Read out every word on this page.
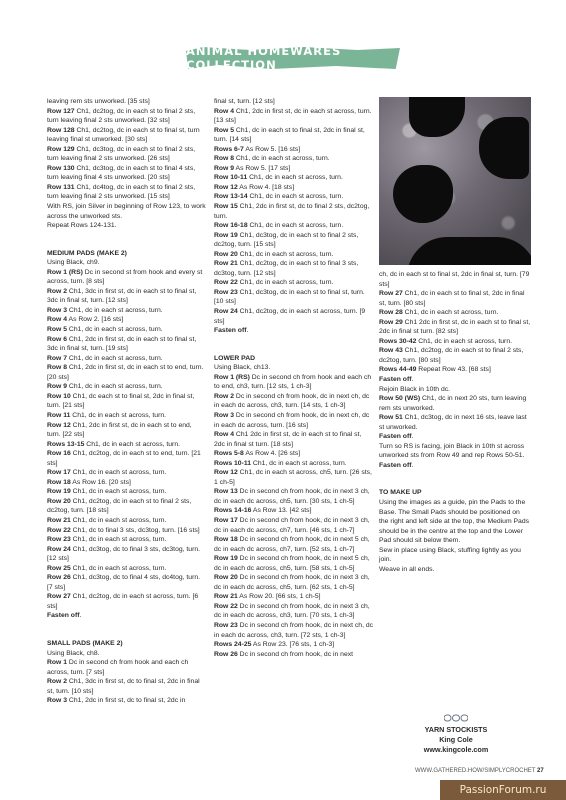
ANIMAL HOMEWARES COLLECTION

leaving rem sts unworked. [35 sts]

Row 127 Ch1, dc2tog, dc in each st to final 2 sts, turn leaving final 2 sts unworked. [32 sts]

Row 128 Ch1, dc2tog, dc in each st to final st, turn leaving final st unworked. [30 sts]

Row 129 Ch1, dc3tog, dc in each st to final 2 sts, turn leaving final 2 sts unworked. [26 sts]

Row 130 Ch1, dc3tog, dc in each st to final 4 sts, turn leaving final 4 sts unworked. [20 sts]

Row 131 Ch1, dc4tog, dc in each st to final 2 sts, turn leaving final 2 sts unworked. [15 sts]

With RS, join Silver in beginning of Row 123, to work across the unworked sts.

Repeat Rows 124-131.

MEDIUM PADS (MAKE 2)

Using Black, ch9.

Row 1 (RS) Dc in second st from hook and every st across, turn. [8 sts]

Row 2 Ch1, 3dc in first st, dc in each st to final st, 3dc in final st, turn. [12 sts]

Row 3 Ch1, dc in each st across, turn.

Row 4 As Row 2. [16 sts]

Row 5 Ch1, dc in each st across, turn.

Row 6 Ch1, 2dc in first st, dc in each st to final st, 3dc in final st, turn. [19 sts]

Row 7 Ch1, dc in each st across, turn.

Row 8 Ch1, 2dc in first st, dc in each st to end, turn. [20 sts]

Row 9 Ch1, dc in each st across, turn.

Row 10 Ch1, dc each st to final st, 2dc in final st, turn. [21 sts]

Row 11 Ch1, dc in each st across, turn.

Row 12 Ch1, 2dc in first st, dc in each st to end, turn. [22 sts]

Rows 13-15 Ch1, dc in each st across, turn.

Row 16 Ch1, dc2tog, dc in each st to end, turn. [21 sts]

Row 17 Ch1, dc in each st across, turn.

Row 18 As Row 16. [20 sts]

Row 19 Ch1, dc in each st across, turn.

Row 20 Ch1, dc2tog, dc in each st to final 2 sts, dc2tog, turn. [18 sts]

Row 21 Ch1, dc in each st across, turn.

Row 22 Ch1, dc to final 3 sts, dc3tog, turn. [16 sts]

Row 23 Ch1, dc in each st across, turn.

Row 24 Ch1, dc3tog, dc to final 3 sts, dc3tog, turn. [12 sts]

Row 25 Ch1, dc in each st across, turn.

Row 26 Ch1, dc3tog, dc to final 4 sts, dc4tog, turn. [7 sts]

Row 27 Ch1, dc2tog, dc in each st across, turn. [6 sts]

Fasten off.

SMALL PADS (MAKE 2)

Using Black, ch8.

Row 1 Dc in second ch from hook and each ch across, turn. [7 sts]

Row 2 Ch1, 3dc in first st, dc to final st, 2dc in final st, turn. [10 sts]

Row 3 Ch1, 2dc in first st, dc to final st, 2dc in

final st, turn. [12 sts]

Row 4 Ch1, 2dc in first st, dc in each st across, turn. [13 sts]

Row 5 Ch1, dc in each st to final st, 2dc in final st, turn. [14 sts]

Rows 6-7 As Row 5. [16 sts]

Row 8 Ch1, dc in each st across, turn.

Row 9 As Row 5. [17 sts]

Row 10-11 Ch1, dc in each st across, turn.

Row 12 As Row 4. [18 sts]

Row 13-14 Ch1, dc in each st across, turn.

Row 15 Ch1, 2dc in first st, dc to final 2 sts, dc2tog, turn.

Row 16-18 Ch1, dc in each st across, turn.

Row 19 Ch1, dc3tog, dc in each st to final 2 sts, dc2tog, turn. [15 sts]

Row 20 Ch1, dc in each st across, turn.

Row 21 Ch1, dc2tog, dc in each st to final 3 sts, dc3tog, turn. [12 sts]

Row 22 Ch1, dc in each st across, turn.

Row 23 Ch1, dc3tog, dc in each st to final st, turn. [10 sts]

Row 24 Ch1, dc2tog, dc in each st across, turn. [9 sts]

Fasten off.

LOWER PAD

Using Black, ch13.

Row 1 (RS) Dc in second ch from hook and each ch to end, ch3, turn. [12 sts, 1 ch-3]

Row 2 Dc in second ch from hook, dc in next ch, dc in each dc across, ch3, turn. [14 sts, 1 ch-3]

Row 3 Dc in second ch from hook, dc in next ch, dc in each dc across, turn. [16 sts]

Row 4 Ch1 2dc in first st, dc in each st to final st, 2dc in final st turn. [18 sts]

Rows 5-8 As Row 4. [26 sts]

Rows 10-11 Ch1, dc in each st across, turn.

Row 12 Ch1, dc in each st across, ch5, turn. [26 sts, 1 ch-5]

Row 13 Dc in second ch from hook, dc in next 3 ch, dc in each dc across, ch5, turn. [30 sts, 1 ch-5]

Rows 14-16 As Row 13. [42 sts]

Row 17 Dc in second ch from hook, dc in next 3 ch, dc in each dc across, ch7, turn. [46 sts, 1 ch-7]

Row 18 Dc in second ch from hook, dc in next 5 ch, dc in each dc across, ch7, turn. [52 sts, 1 ch-7]

Row 19 Dc in second ch from hook, dc in next 5 ch, dc in each dc across, ch5, turn. [58 sts, 1 ch-5]

Row 20 Dc in second ch from hook, dc in next 3 ch, dc in each dc across, ch5, turn. [62 sts, 1 ch-5]

Row 21 As Row 20. [66 sts, 1 ch-5]

Row 22 Dc in second ch from hook, dc in next 3 ch, dc in each dc across, ch3, turn. [70 sts, 1 ch-3]

Row 23 Dc in second ch from hook, dc in next ch, dc in each dc across, ch3, turn. [72 sts, 1 ch-3]

Rows 24-25 As Row 23. [76 sts, 1 ch-3]

Row 26 Dc in second ch from hook, dc in next

ch, dc in each st to final st, 2dc in final st, turn. [79 sts]

Row 27 Ch1, dc in each st to final st, 2dc in final st, turn. [80 sts]

Row 28 Ch1, dc in each st across, turn.

Row 29 Ch1 2dc in first st, dc in each st to final st, 2dc in final st turn. [82 sts]

Rows 30-42 Ch1, dc in each st across, turn.

Row 43 Ch1, dc2tog, dc in each st to final 2 sts, dc2tog, turn. [80 sts]

Rows 44-49 Repeat Row 43. [68 sts]

Fasten off.

Rejoin Black in 10th dc.

Row 50 (WS) Ch1, dc in next 20 sts, turn leaving rem sts unworked.

Row 51 Ch1, dc3tog, dc in next 16 sts, leave last st unworked.

Fasten off.

Turn so RS is facing, join Black in 10th st across unworked sts from Row 49 and rep Rows 50-51.

Fasten off.

TO MAKE UP

Using the images as a guide, pin the Pads to the Base. The Small Pads should be positioned on the right and left side at the top, the Medium Pads should be in the centre at the top and the Lower Pad should sit below them.

Sew in place using Black, stuffing lightly as you join.

Weave in all ends.

YARN STOCKISTS
King Cole
www.kingcole.com
WWW.GATHERED.HOW/SIMPLYCROCHET 27
PassionForum.ru
